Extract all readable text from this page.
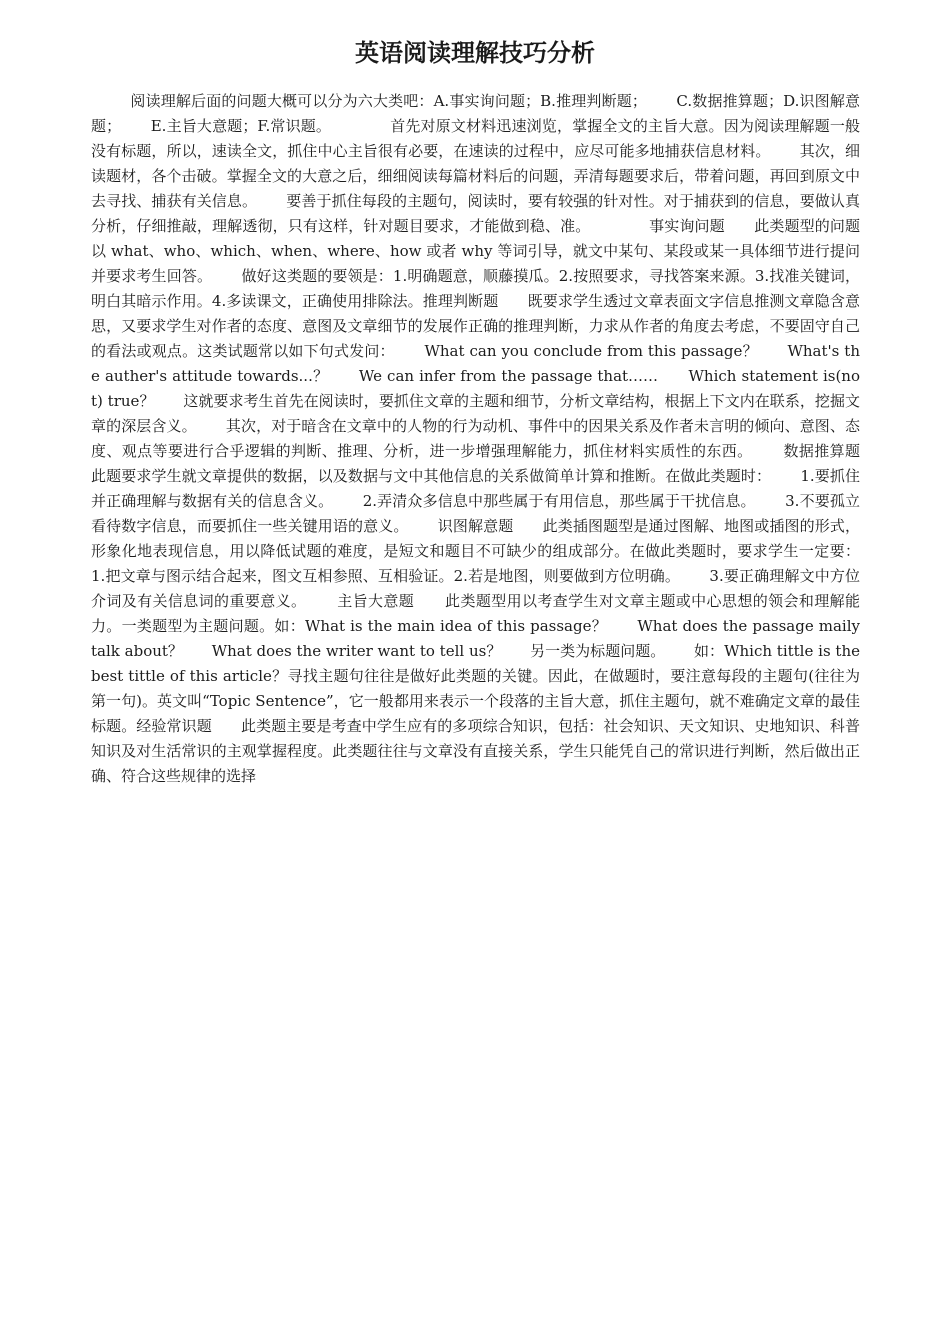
英语阅读理解技巧分析

阅读理解后面的问题大概可以分为六大类吧：A.事实询问题；B.推理判断题；      C.数据推算题；D.识图解意题；      E.主旨大意题；F.常识题。            首先对原文材料迅速浏览，掌握全文的主旨大意。因为阅读理解题一般没有标题，所以，速读全文，抓住中心主旨很有必要，在速读的过程中，应尽可能多地捕获信息材料。      其次，细读题材，各个击破。掌握全文的大意之后，细细阅读每篇材料后的问题，弄清每题要求后，带着问题，再回到原文中去寻找、捕获有关信息。      要善于抓住每段的主题句，阅读时，要有较强的针对性。对于捕获到的信息，要做认真分析，仔细推敲，理解透彻，只有这样，针对题目要求，才能做到稳、准。            事实询问题      此类题型的问题以 what、who、which、when、where、how 或者 why 等词引导，就文中某句、某段或某一具体细节进行提问并要求考生回答。      做好这类题的要领是：1.明确题意，顺藤摸瓜。2.按照要求，寻找答案来源。3.找准关键词，明白其暗示作用。4.多读课文，正确使用排除法。推理判断题      既要求学生透过文章表面文字信息推测文章隐含意思，又要求学生对作者的态度、意图及文章细节的发展作正确的推理判断，力求从作者的角度去考虑，不要固守自己的看法或观点。这类试题常以如下句式发问：      What can you conclude from this passage？      What's the auther's attitude towards...？      We can infer from the passage that……      Which statement is(not) true？      这就要求考生首先在阅读时，要抓住文章的主题和细节，分析文章结构，根据上下文内在联系，挖掘文章的深层含义。      其次，对于暗含在文章中的人物的行为动机、事件中的因果关系及作者未言明的倾向、意图、态度、观点等要进行合乎逻辑的判断、推理、分析，进一步增强理解能力，抓住材料实质性的东西。      数据推算题      此题要求学生就文章提供的数据，以及数据与文中其他信息的关系做简单计算和推断。在做此类题时：      1.要抓住并正确理解与数据有关的信息含义。      2.弄清众多信息中那些属于有用信息，那些属于干扰信息。      3.不要孤立看待数字信息，而要抓住一些关键用语的意义。      识图解意题      此类插图题型是通过图解、地图或插图的形式，形象化地表现信息，用以降低试题的难度，是短文和题目不可缺少的组成部分。在做此类题时，要求学生一定要：      1.把文章与图示结合起来，图文互相参照、互相验证。2.若是地图，则要做到方位明确。      3.要正确理解文中方位介词及有关信息词的重要意义。      主旨大意题      此类题型用以考查学生对文章主题或中心思想的领会和理解能力。一类题型为主题问题。如：What is the main idea of this passage？      What does the passage maily talk about？      What does the writer want to tell us？      另一类为标题问题。      如：Which tittle is the best tittle of this article？寻找主题句往往是做好此类题的关键。因此，在做题时，要注意每段的主题句(往往为第一句)。英文叫“Topic Sentence”，它一般都用来表示一个段落的主旨大意，抓住主题句，就不难确定文章的最佳标题。经验常识题      此类题主要是考查中学生应有的多项综合知识，包括：社会知识、天文知识、史地知识、科普知识及对生活常识的主观掌握程度。此类题往往与文章没有直接关系，学生只能凭自己的常识进行判断，然后做出正确、符合这些规律的选择
